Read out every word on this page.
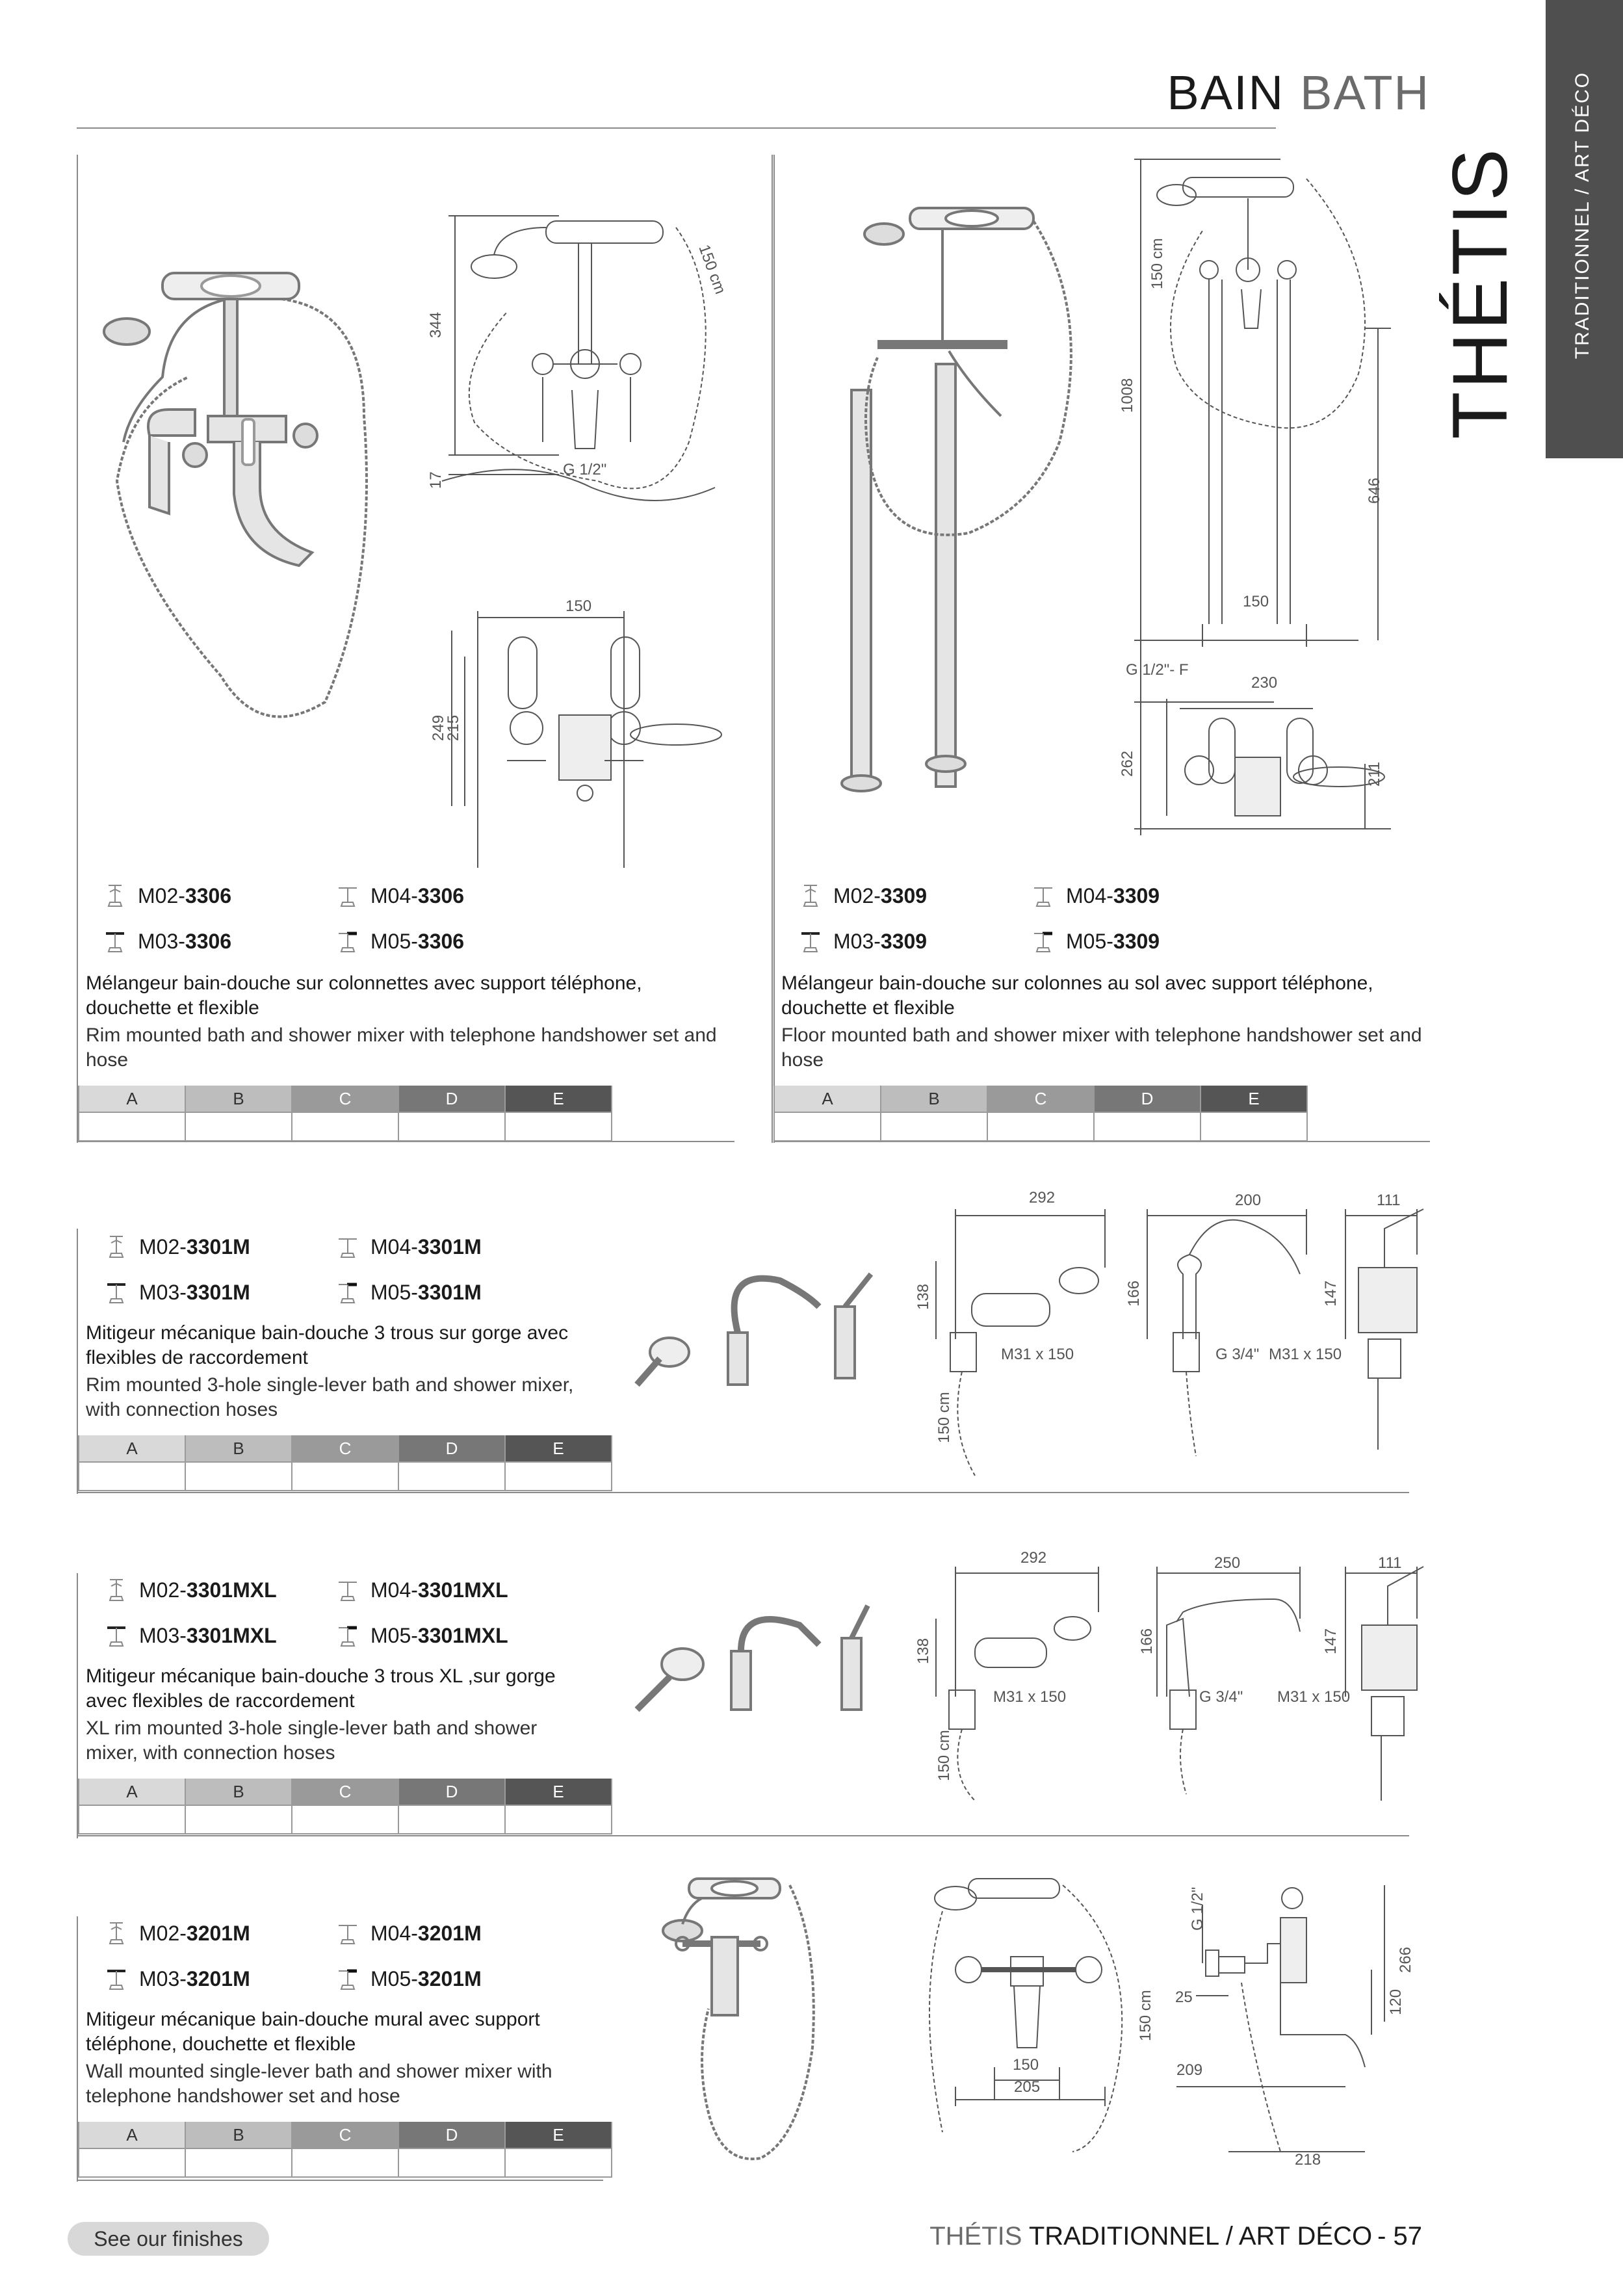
BAIN BATH	TRADITIONNEL / ART DÉCO
THÉTIS
344
17
G 1/2"
150 cm
150
249
215
150 cm
1008
646
150
G 1/2"- F
230
262	211
M02- 3306	M04- 3306
M03- 3306	M05- 3306
Mélangeur bain-douche sur colonnettes avec support téléphone, douchette et flexible
Rim mounted bath and shower mixer with telephone handshower set and hose
A	B	C	D	E

M02- 3309	M04- 3309
M03- 3309	M05- 3309
Mélangeur bain-douche sur colonnes au sol avec support téléphone, douchette et flexible
Floor mounted bath and shower mixer with telephone handshower set and hose
A	B	C	D	E

M02- 3301M	M04- 3301M
M03- 3301M	M05- 3301M
Mitigeur mécanique bain-douche 3 trous sur gorge avec flexibles de raccordement
Rim mounted 3-hole single-lever bath and shower mixer, with connection hoses
A	B	C	D	E

292
138
M31 x 150
150 cm
200
166
G 3/4"
111
147
M31 x 150
M02- 3301MXL	M04- 3301MXL
M03- 3301MXL	M05- 3301MXL
Mitigeur mécanique bain-douche 3 trous XL ,sur gorge avec flexibles de raccordement
XL rim mounted 3-hole single-lever bath and shower mixer, with connection hoses
A	B	C	D	E

292
138
M31 x 150
150 cm
250
166
G 3/4"
111
147
M31 x 150
M02- 3201M	M04- 3201M
M03- 3201M	M05- 3201M
Mitigeur mécanique bain-douche mural avec support téléphone, douchette et flexible
Wall mounted single-lever bath and shower mixer with telephone handshower set and hose
A	B	C	D	E

150
205
150 cm
G 1/2"
25
266
120
209
218
See our finishes	THÉTIS TRADITIONNEL / ART DÉCO - 57
